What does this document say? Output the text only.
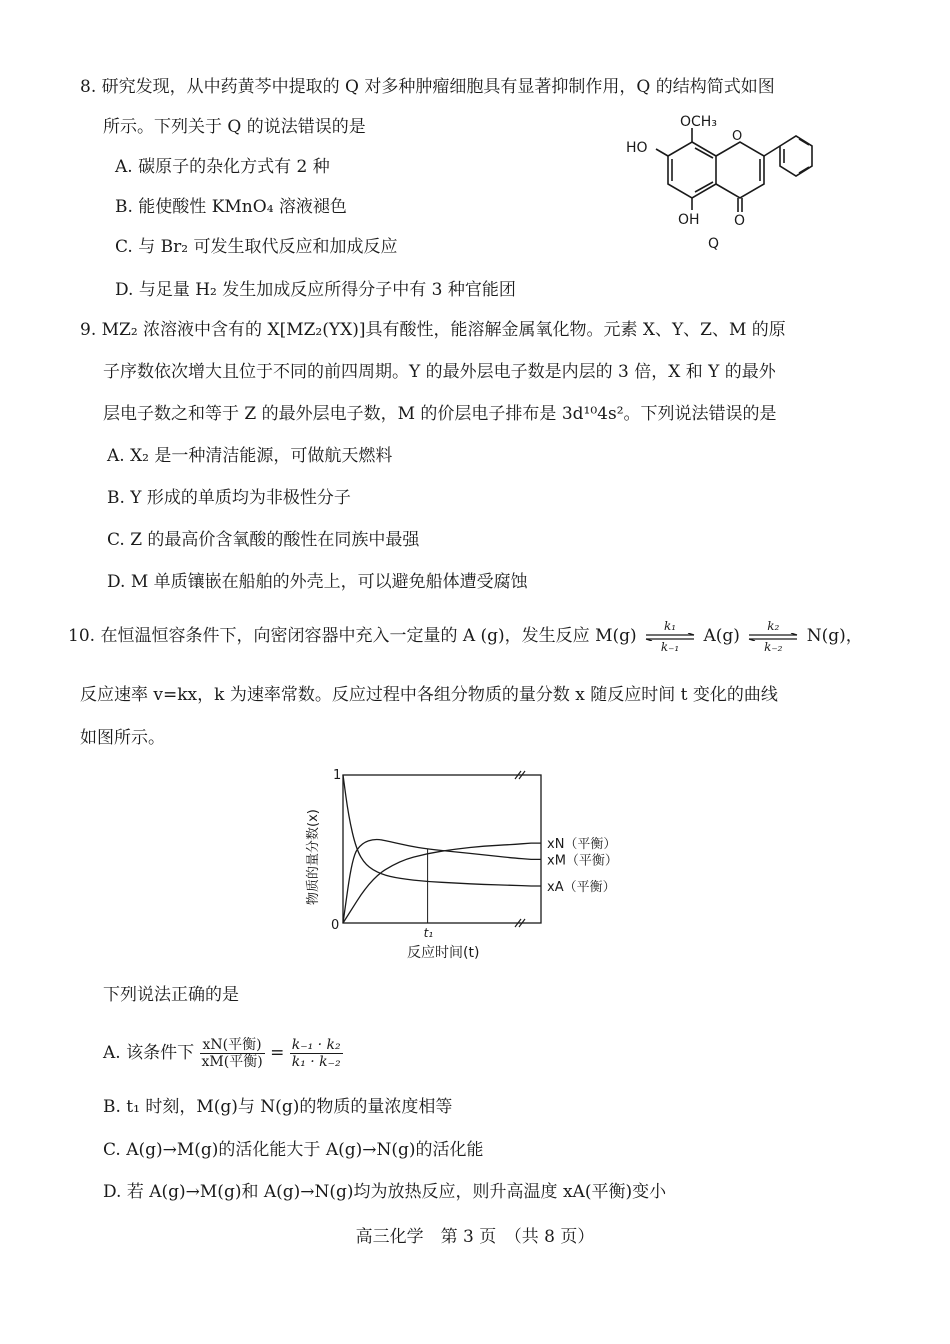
8. 研究发现，从中药黄芩中提取的 Q 对多种肿瘤细胞具有显著抑制作用，Q 的结构简式如图
所示。下列关于 Q 的说法错误的是
A. 碳原子的杂化方式有 2 种
B. 能使酸性 KMnO₄ 溶液褪色
C. 与 Br₂ 可发生取代反应和加成反应
D. 与足量 H₂ 发生加成反应所得分子中有 3 种官能团
OCH₃
HO
O
OH O
Q
9. MZ₂ 浓溶液中含有的 X[MZ₂(YX)]具有酸性，能溶解金属氧化物。元素 X、Y、Z、M 的原
子序数依次增大且位于不同的前四周期。Y 的最外层电子数是内层的 3 倍，X 和 Y 的最外
层电子数之和等于 Z 的最外层电子数，M 的价层电子排布是 3d¹⁰4s²。下列说法错误的是
A. X₂ 是一种清洁能源，可做航天燃料
B. Y 形成的单质均为非极性分子
C. Z 的最高价含氧酸的酸性在同族中最强
D. M 单质镶嵌在船舶的外壳上，可以避免船体遭受腐蚀
10. 在恒温恒容条件下，向密闭容器中充入一定量的 A (g)，发生反应 M(g)
k₁
k₋₁
A(g)
k₂
k₋₂
N(g)，
反应速率 v=kx，k 为速率常数。反应过程中各组分物质的量分数 x 随反应时间 t 变化的曲线
如图所示。
1
0	t₁
反应时间(t)
物质的量分数(x)	xN（平衡）
xM（平衡）
xA（平衡）
下列说法正确的是
A. 该条件下 $\frac{\text{xN(平衡)}}{\text{xM(平衡)}} = \frac{\text{k₋₁ · k₂}}{\text{k₁ · k₋₂}}$
B. t₁ 时刻，M(g)与 N(g)的物质的量浓度相等
C. A(g)→M(g)的活化能大于 A(g)→N(g)的活化能
D. 若 A(g)→M(g)和 A(g)→N(g)均为放热反应，则升高温度 xA(平衡)变小
高三化学　第 3 页　（共 8 页）
